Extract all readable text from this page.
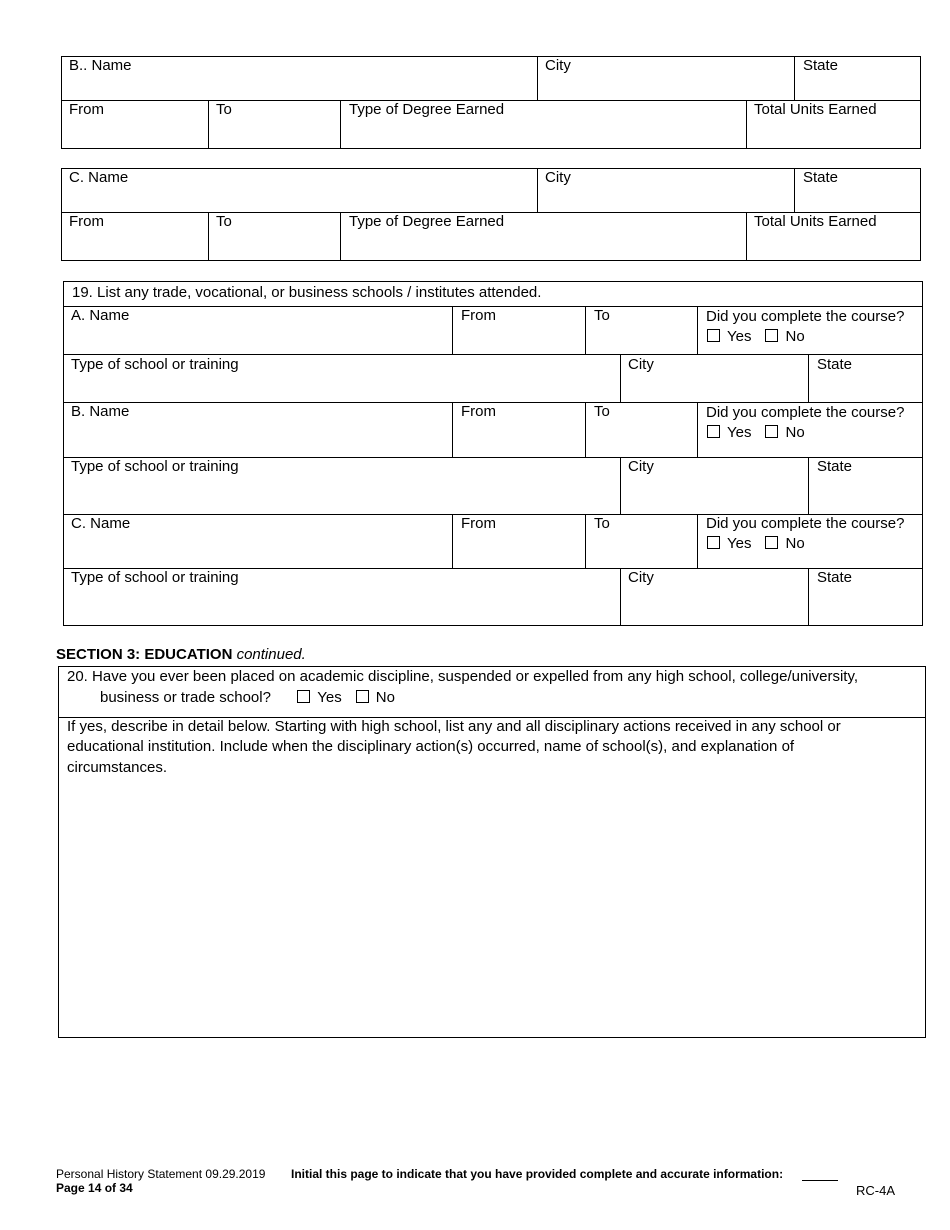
B.. Name	City	State
From	To	Type of Degree Earned	Total Units Earned
C. Name	City	State
From	To	Type of Degree Earned	Total Units Earned
19. List any trade, vocational, or business schools / institutes attended.
A. Name	From	To	Did you complete the course?
Yes No
Type of school or training	City	State
B. Name	From	To	Did you complete the course?
Yes No
Type of school or training	City	State
C. Name	From	To	Did you complete the course?
Yes No
Type of school or training	City	State
SECTION 3: EDUCATION continued.
20. Have you ever been placed on academic discipline, suspended or expelled from any high school, college/university,
business or trade school?	Yes No
If yes, describe in detail below. Starting with high school, list any and all disciplinary actions received in any school or
educational institution. Include when the disciplinary action(s) occurred, name of school(s), and explanation of
circumstances.
Personal History Statement 09.29.2019 Initial this page to indicate that you have provided complete and accurate information:
Page 14 of 34	RC-4A
